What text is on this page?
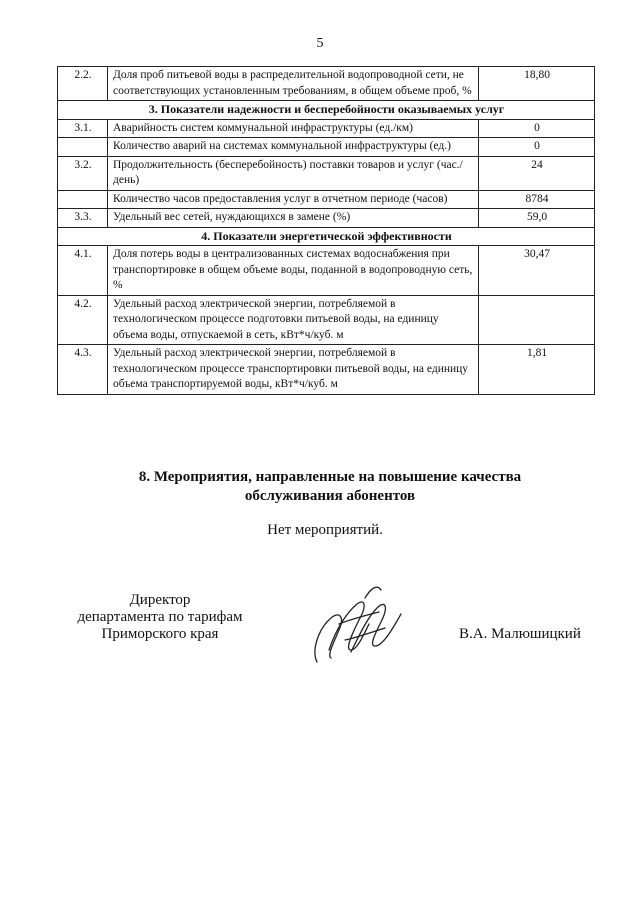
5
2.2.	Доля проб питьевой воды в распределительной водопроводной сети, не соответствующих установленным требованиям, в общем объеме проб, %	18,80
3. Показатели надежности и бесперебойности оказываемых услуг		
3.1.	Аварийность систем коммунальной инфраструктуры (ед./км)	0
	Количество аварий на системах коммунальной инфраструктуры (ед.)	0
3.2.	Продолжительность (бесперебойность) поставки товаров и услуг (час./день)	24
	Количество часов предоставления услуг в отчетном периоде (часов)	8784
3.3.	Удельный вес сетей, нуждающихся в замене (%)	59,0
4. Показатели энергетической эффективности		
4.1.	Доля потерь воды в централизованных системах водоснабжения при транспортировке в общем объеме воды, поданной в водопроводную сеть, %	30,47
4.2.	Удельный расход электрической энергии, потребляемой в технологическом процессе подготовки питьевой воды, на единицу объема воды, отпускаемой в сеть, кВт*ч/куб. м	
4.3.	Удельный расход электрической энергии, потребляемой в технологическом процессе транспортировки питьевой воды, на единицу объема транспортируемой воды, кВт*ч/куб. м	1,81
8. Мероприятия, направленные на повышение качества обслуживания абонентов
Нет мероприятий.
Директор
департамента по тарифам
Приморского края	В.А. Малюшицкий
